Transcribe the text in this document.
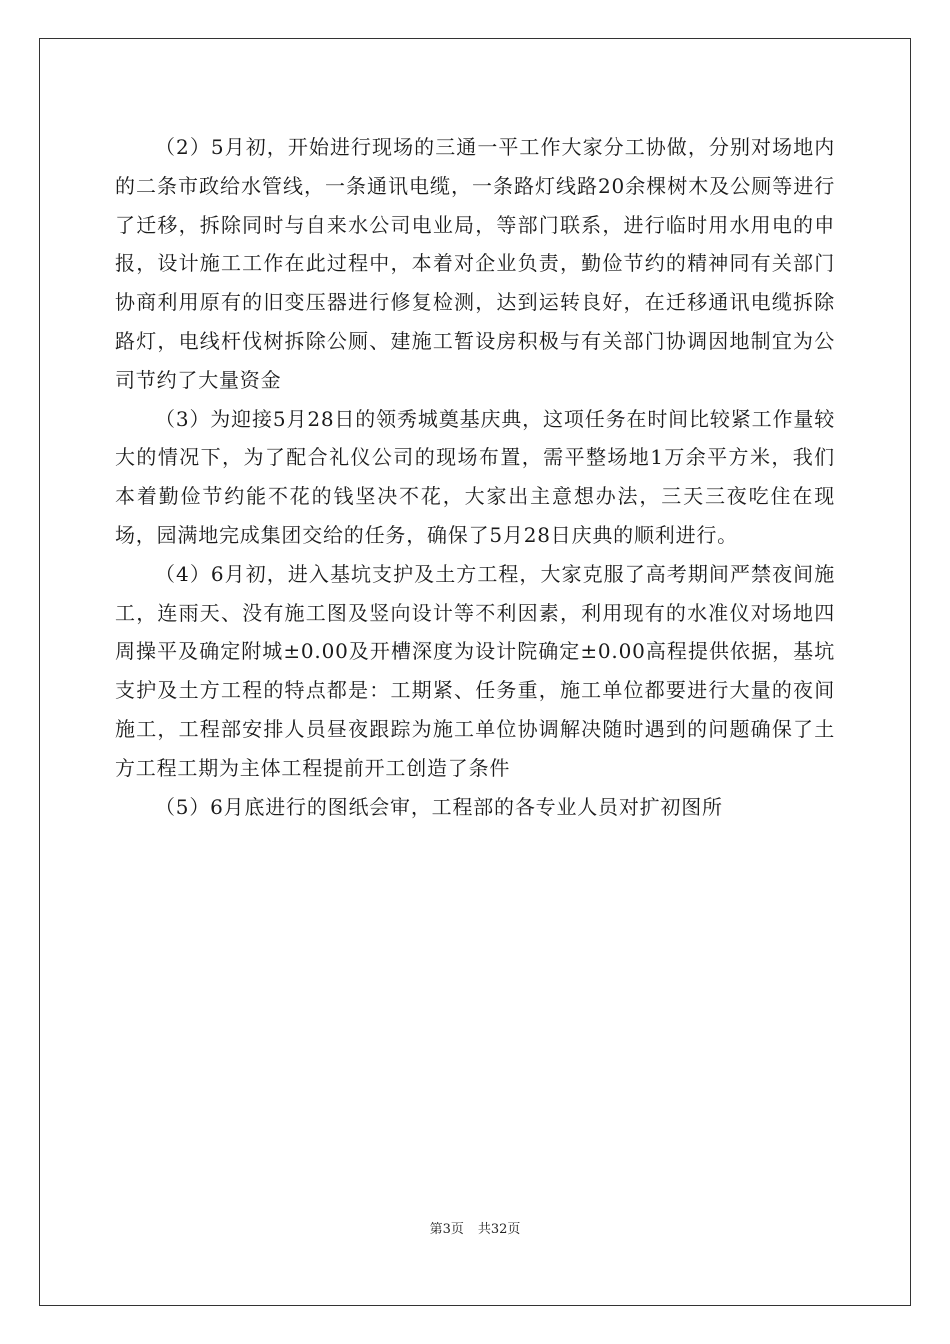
（2）5月初，开始进行现场的三通一平工作大家分工协做，分别对场地内的二条市政给水管线，一条通讯电缆，一条路灯线路20余棵树木及公厕等进行了迁移，拆除同时与自来水公司电业局，等部门联系，进行临时用水用电的申报，设计施工工作在此过程中，本着对企业负责，勤俭节约的精神同有关部门协商利用原有的旧变压器进行修复检测，达到运转良好，在迁移通讯电缆拆除路灯，电线杆伐树拆除公厕、建施工暂设房积极与有关部门协调因地制宜为公司节约了大量资金

（3）为迎接5月28日的领秀城奠基庆典，这项任务在时间比较紧工作量较大的情况下，为了配合礼仪公司的现场布置，需平整场地1万余平方米，我们本着勤俭节约能不花的钱坚决不花，大家出主意想办法，三天三夜吃住在现场，园满地完成集团交给的任务，确保了5月28日庆典的顺利进行。

（4）6月初，进入基坑支护及土方工程，大家克服了高考期间严禁夜间施工，连雨天、没有施工图及竖向设计等不利因素，利用现有的水准仪对场地四周操平及确定附城±0.00及开槽深度为设计院确定±0.00高程提供依据，基坑支护及土方工程的特点都是：工期紧、任务重，施工单位都要进行大量的夜间施工，工程部安排人员昼夜跟踪为施工单位协调解决随时遇到的问题确保了土方工程工期为主体工程提前开工创造了条件

（5）6月底进行的图纸会审，工程部的各专业人员对扩初图所

第3页 共32页
